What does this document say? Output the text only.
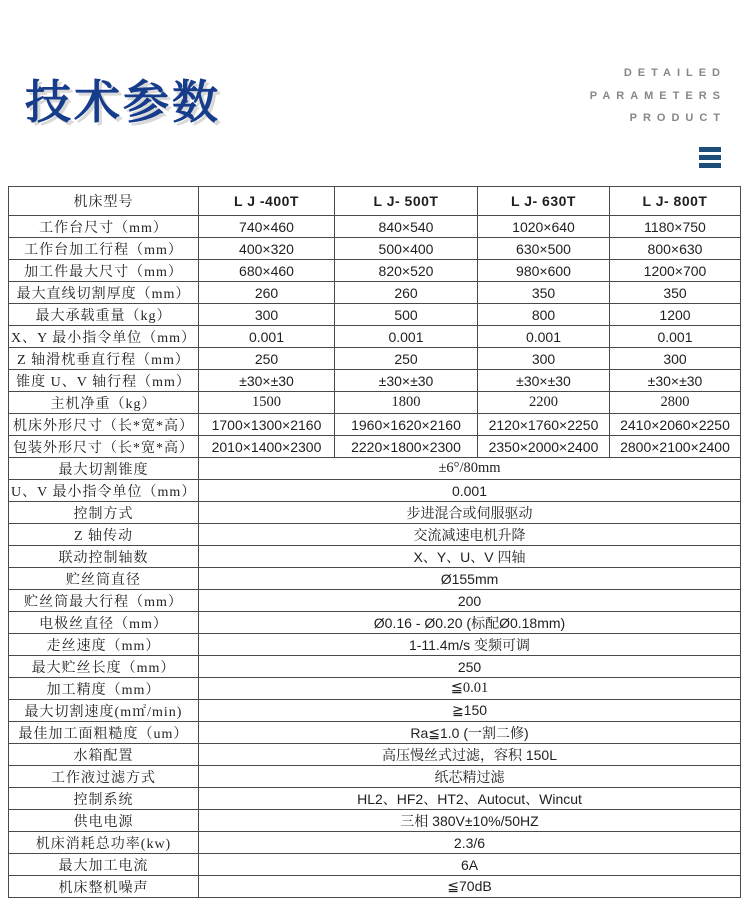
技术参数
DETAILED
PARAMETERS
PRODUCT
机床型号	L J -400T	L J- 500T	L J- 630T	L J- 800T
工作台尺寸（mm）	740×460	840×540	1020×640	1180×750
工作台加工行程（mm）	400×320	500×400	630×500	800×630
加工件最大尺寸（mm）	680×460	820×520	980×600	1200×700
最大直线切割厚度（mm）	260	260	350	350
最大承载重量（kg）	300	500	800	1200
X、Y 最小指令单位（mm）	0.001	0.001	0.001	0.001
Z 轴滑枕垂直行程（mm）	250	250	300	300
锥度 U、V 轴行程（mm）	±30×±30	±30×±30	±30×±30	±30×±30
主机净重（kg）	1500	1800	2200	2800
机床外形尺寸（长*宽*高）	1700×1300×2160	1960×1620×2160	2120×1760×2250	2410×2060×2250
包装外形尺寸（长*宽*高）	2010×1400×2300	2220×1800×2300	2350×2000×2400	2800×2100×2400
最大切割锥度	±6°/80mm			
U、V 最小指令单位（mm）	0.001			
控制方式	步进混合或伺服驱动			
Z 轴传动	交流减速电机升降			
联动控制轴数	X、Y、U、V 四轴			
贮丝筒直径	Ø155mm			
贮丝筒最大行程（mm）	200			
电极丝直径（mm）	Ø0.16 - Ø0.20 (标配Ø0.18mm)			
走丝速度（mm）	1-11.4m/s 变频可调			
最大贮丝长度（mm）	250			
加工精度（mm）	≦0.01			
最大切割速度(m㎡/min)	≧150			
最佳加工面粗糙度（um）	Ra≦1.0 (一割二修)			
水箱配置	高压慢丝式过滤，容积 150L			
工作液过滤方式	纸芯精过滤			
控制系统	HL2、HF2、HT2、Autocut、Wincut			
供电电源	三相 380V±10%/50HZ			
机床消耗总功率(kw)	2.3/6			
最大加工电流	6A			
机床整机噪声	≦70dB			
